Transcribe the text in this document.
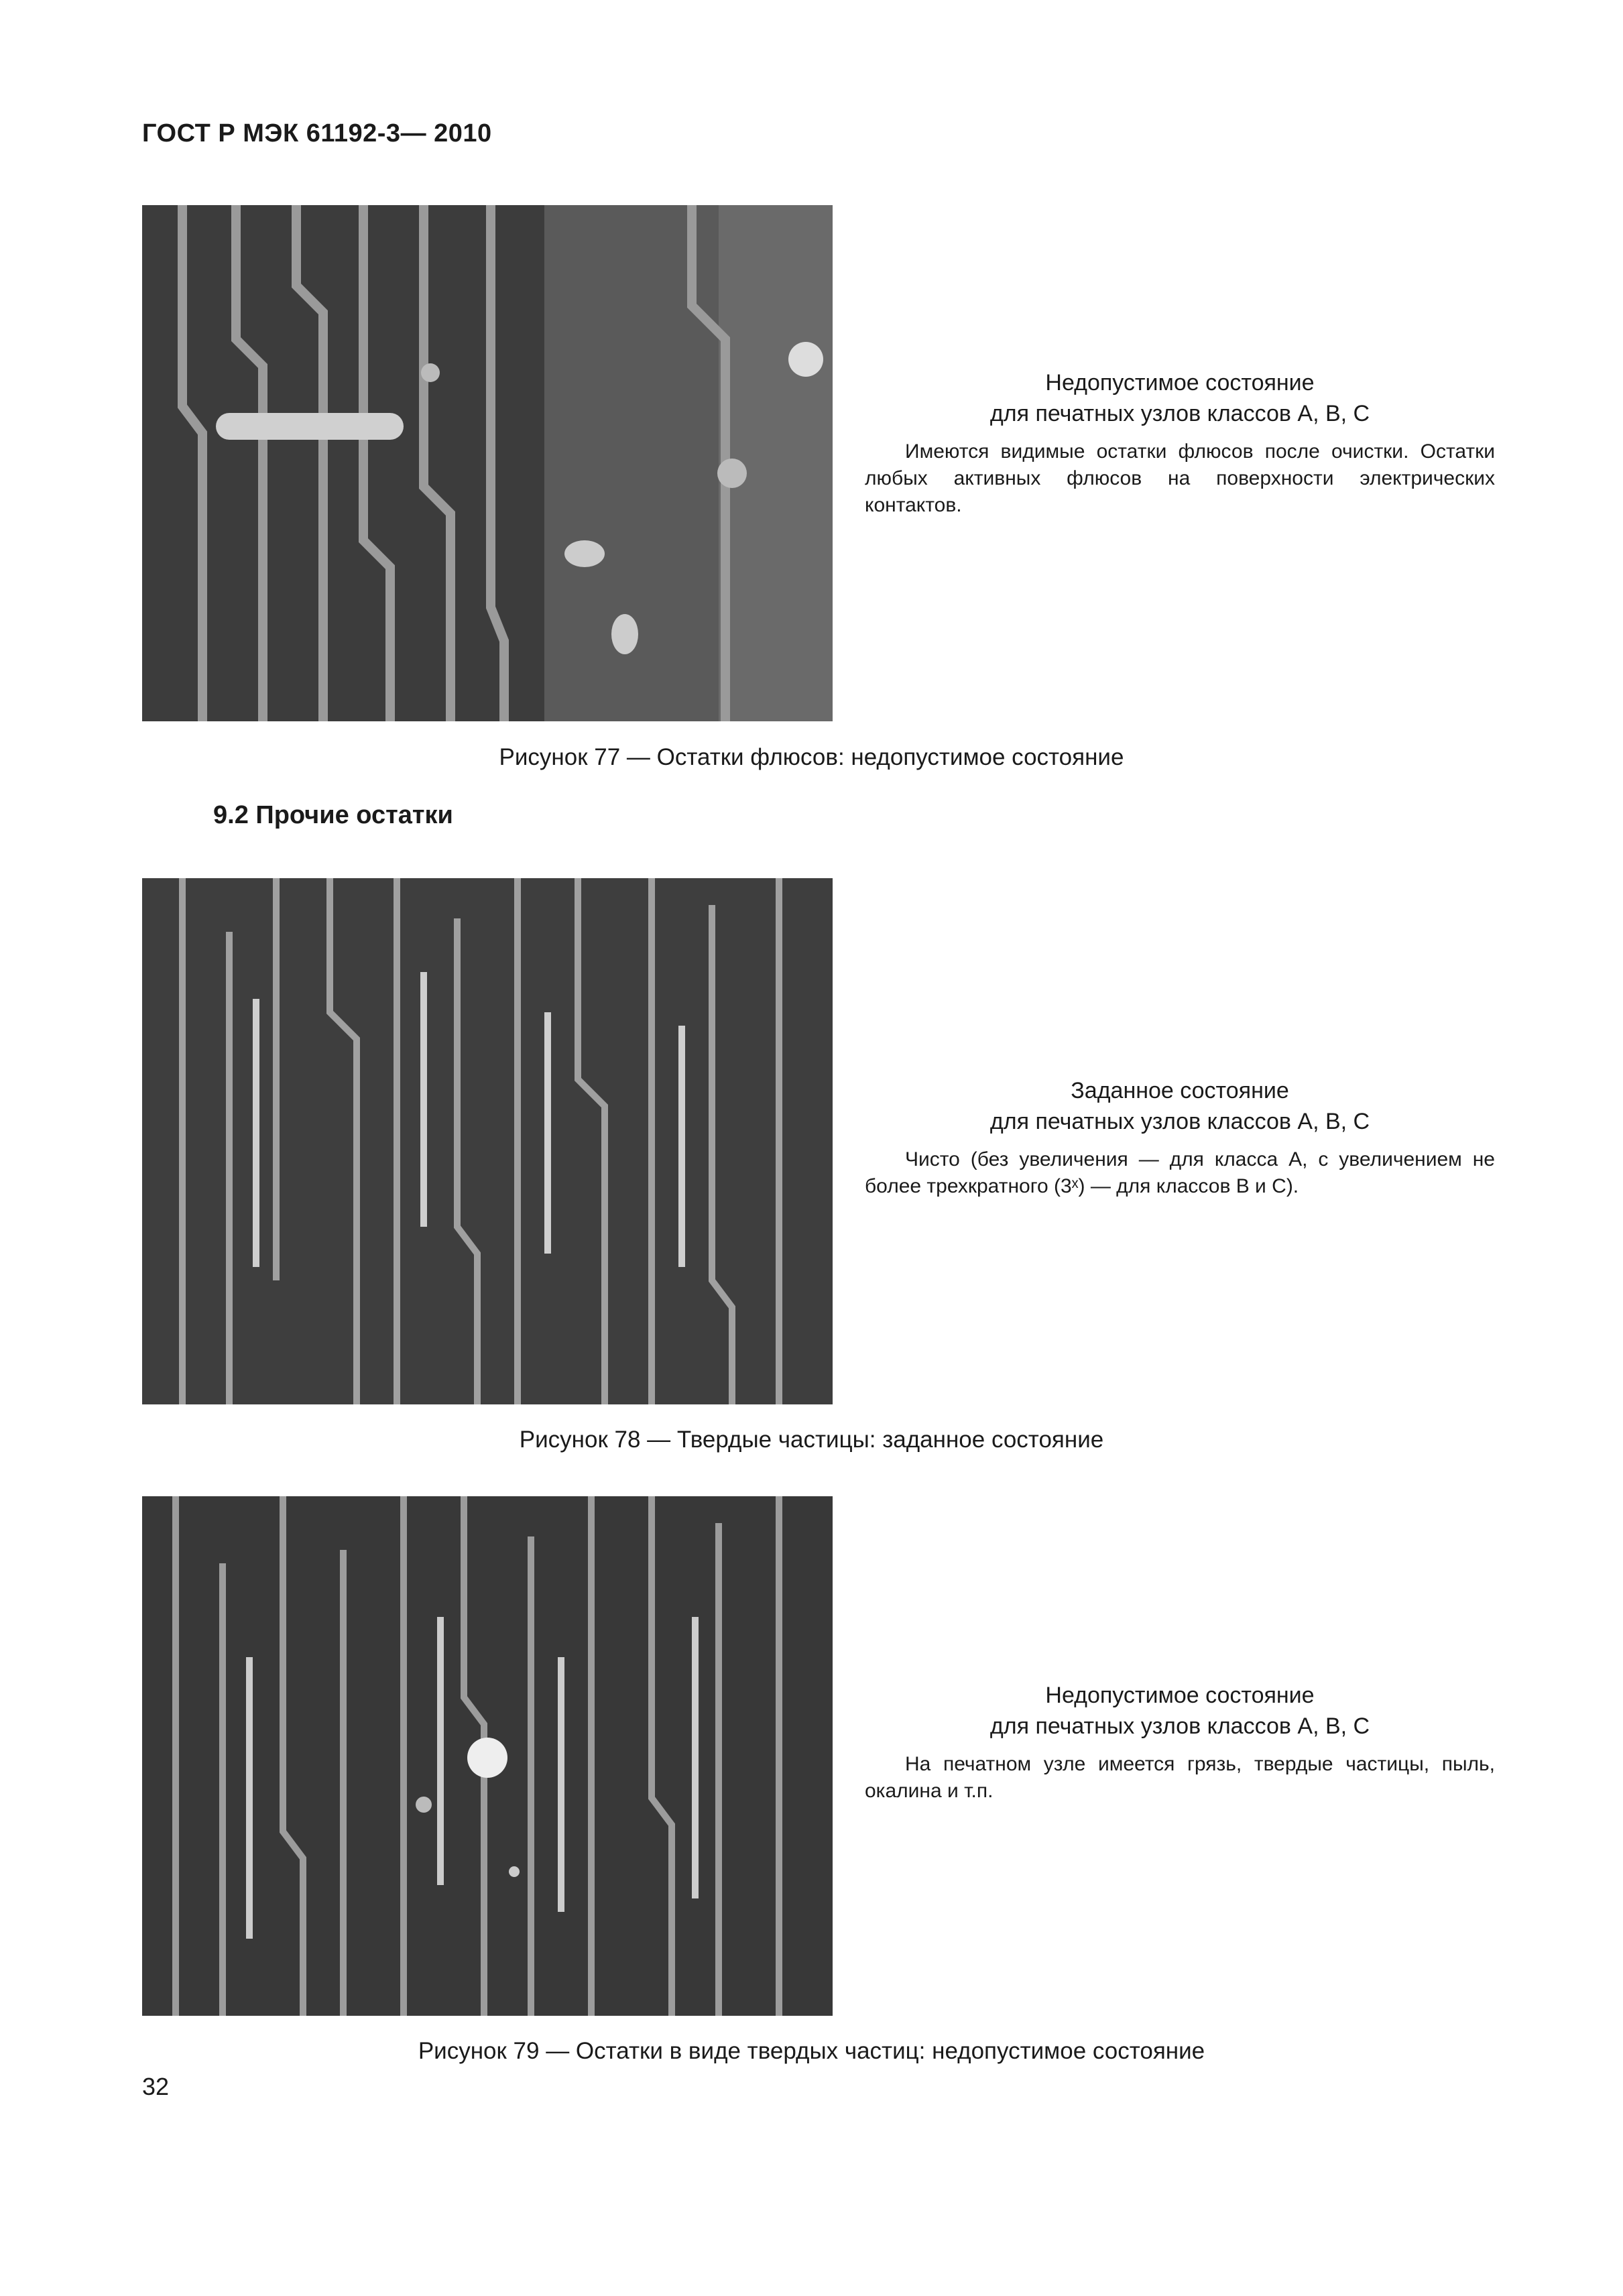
ГОСТ Р МЭК 61192-3— 2010
Недопустимое состояние
для печатных узлов классов A, B, C
Имеются видимые остатки флюсов после очистки. Остатки любых активных флюсов на поверхности электрических контактов.
Рисунок 77 — Остатки флюсов: недопустимое состояние
9.2 Прочие остатки
Заданное состояние
для печатных узлов классов A, B, C
Чисто (без увеличения — для класса A, с увеличением не более трехкратного (3ˣ) — для классов B и C).
Рисунок 78 — Твердые частицы: заданное состояние
Недопустимое состояние
для печатных узлов классов A, B, C
На печатном узле имеется грязь, твердые частицы, пыль, окалина и т.п.
Рисунок 79 — Остатки в виде твердых частиц: недопустимое состояние
32
